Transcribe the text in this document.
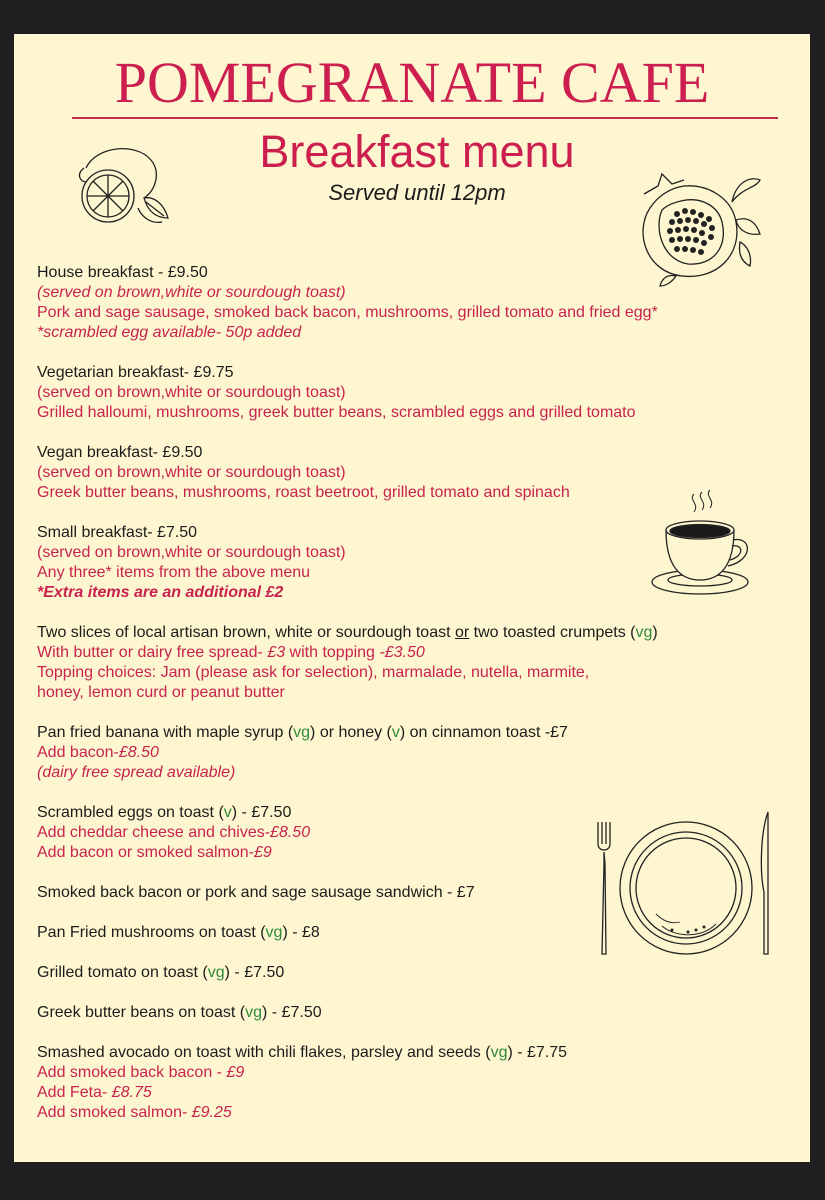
POMEGRANATE CAFE
Breakfast menu
Served until 12pm
House breakfast - £9.50
(served on brown,white or sourdough toast)
Pork and sage sausage, smoked back bacon, mushrooms, grilled tomato and fried egg*
*scrambled egg available- 50p added
Vegetarian breakfast- £9.75
(served on brown,white or sourdough toast)
Grilled halloumi, mushrooms, greek butter beans, scrambled eggs and grilled tomato
Vegan breakfast- £9.50
(served on brown,white or sourdough toast)
Greek butter beans, mushrooms, roast beetroot, grilled tomato and spinach
Small breakfast- £7.50
(served on brown,white or sourdough toast)
Any three* items from the above menu
*Extra items are an additional £2
Two slices of local artisan brown, white or sourdough toast or two toasted crumpets (vg)
With butter or dairy free spread- £3 with topping -£3.50
Topping choices: Jam (please ask for selection), marmalade, nutella, marmite,
honey, lemon curd or peanut butter
Pan fried banana with maple syrup (vg) or honey (v) on cinnamon toast -£7
Add bacon-£8.50
(dairy free spread available)
Scrambled eggs on toast (v) - £7.50
Add cheddar cheese and chives-£8.50
Add bacon or smoked salmon-£9
Smoked back bacon or pork and sage sausage sandwich - £7
Pan Fried mushrooms on toast (vg) - £8
Grilled tomato on toast (vg) - £7.50
Greek butter beans on toast (vg) - £7.50
Smashed avocado on toast with chili flakes, parsley and seeds (vg) - £7.75
Add smoked back bacon - £9
Add Feta- £8.75
Add smoked salmon- £9.25
